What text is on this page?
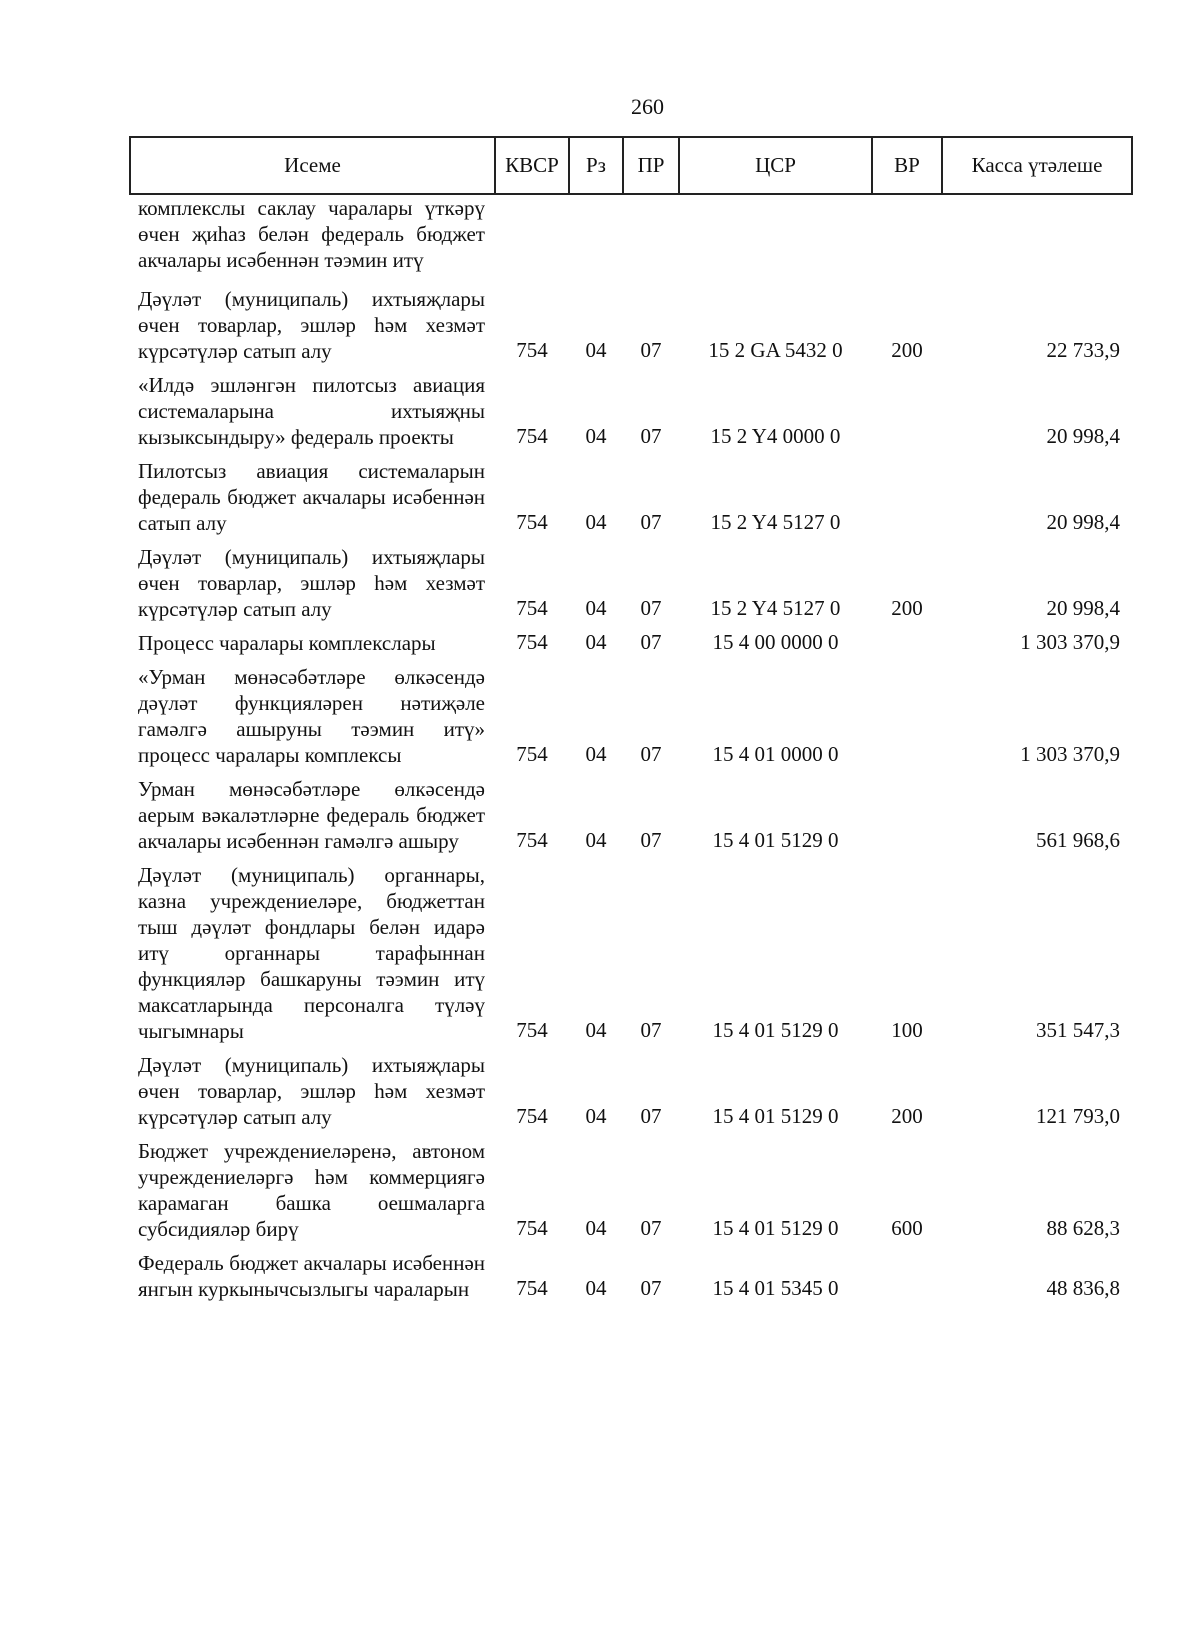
260
Исеме	КВСР	Рз	ПР	ЦСР	ВР	Касса үтәлеше
комплекслы саклау чаралары үткәрү өчен җиһаз белән федераль бюджет акчалары исәбеннән тәэмин итү						
Дәүләт (муниципаль) ихтыяҗлары өчен товарлар, эшләр һәм хезмәт күрсәтүләр сатып алу	754	04	07	15 2 GA 5432 0	200	22 733,9
«Илдә эшләнгән пилотсыз авиация системаларына ихтыяҗны кызыксындыру» федераль проекты	754	04	07	15 2 Y4 0000 0		20 998,4
Пилотсыз авиация системаларын федераль бюджет акчалары исәбеннән сатып алу	754	04	07	15 2 Y4 5127 0		20 998,4
Дәүләт (муниципаль) ихтыяҗлары өчен товарлар, эшләр һәм хезмәт күрсәтүләр сатып алу	754	04	07	15 2 Y4 5127 0	200	20 998,4
Процесс чаралары комплекслары	754	04	07	15 4 00 0000 0		1 303 370,9
«Урман мөнәсәбәтләре өлкәсендә дәүләт функцияләрен нәтиҗәле гамәлгә ашыруны тәэмин итү» процесс чаралары комплексы	754	04	07	15 4 01 0000 0		1 303 370,9
Урман мөнәсәбәтләре өлкәсендә аерым вәкаләтләрне федераль бюджет акчалары исәбеннән гамәлгә ашыру	754	04	07	15 4 01 5129 0		561 968,6
Дәүләт (муниципаль) органнары, казна учреждениеләре, бюджеттан тыш дәүләт фондлары белән идарә итү органнары тарафыннан функцияләр башкаруны тәэмин итү максатларында персоналга түләү чыгымнары	754	04	07	15 4 01 5129 0	100	351 547,3
Дәүләт (муниципаль) ихтыяҗлары өчен товарлар, эшләр һәм хезмәт күрсәтүләр сатып алу	754	04	07	15 4 01 5129 0	200	121 793,0
Бюджет учреждениеләренә, автоном учреждениеләргә һәм коммерциягә карамаган башка оешмаларга субсидияләр бирү	754	04	07	15 4 01 5129 0	600	88 628,3
Федераль бюджет акчалары исәбеннән янгын куркынычсызлыгы чараларын	754	04	07	15 4 01 5345 0		48 836,8
